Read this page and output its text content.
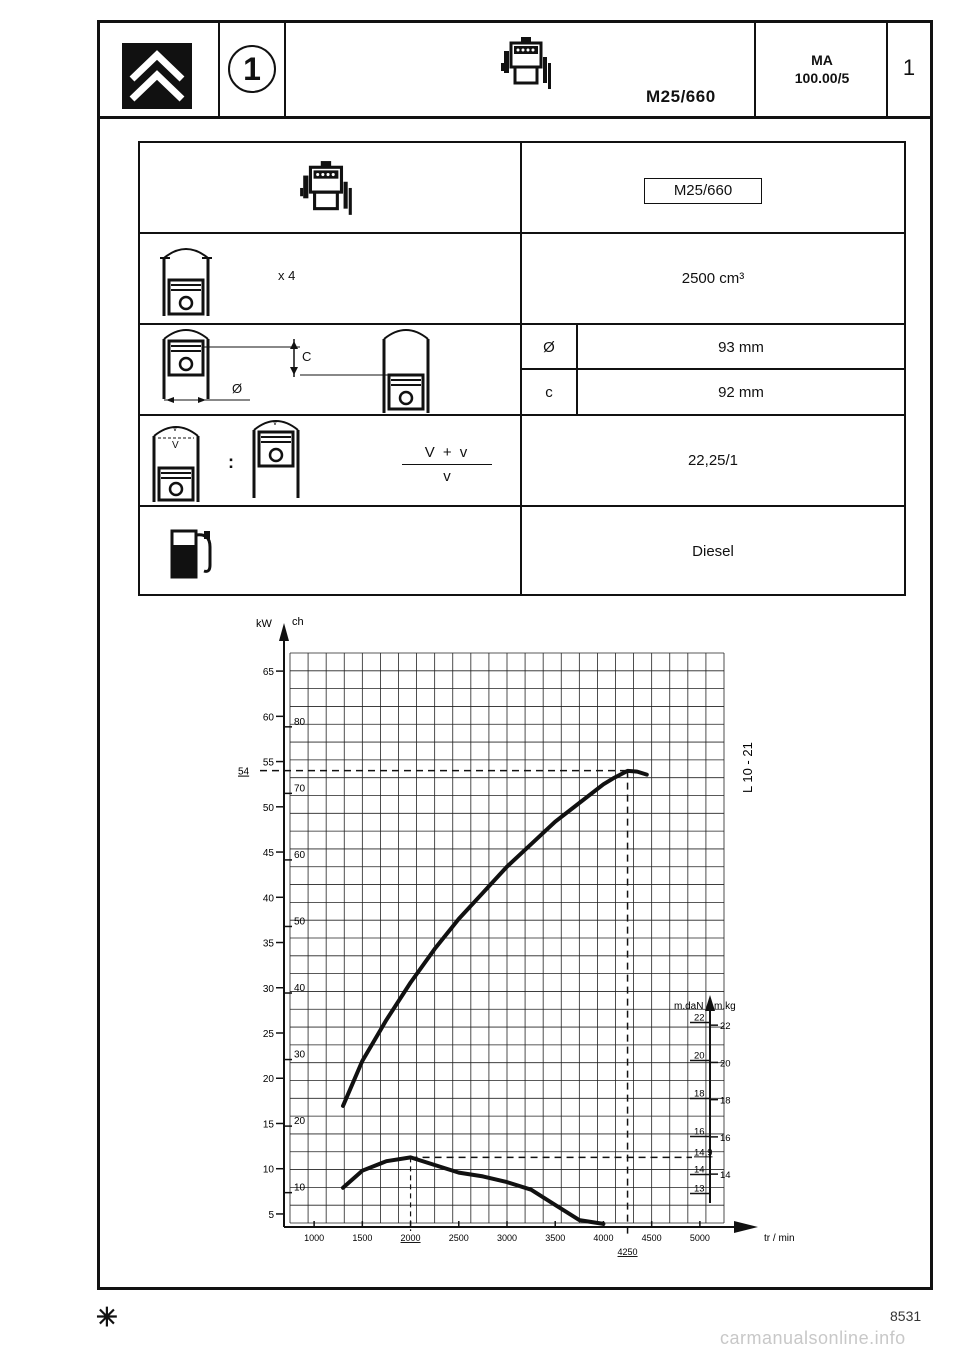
1
M25/660
MA
100.00/5	1
M25/660
x 4	2500 cm³
C
Ø
Ø	93 mm
c	92 mm
v
V
v
:	$\frac{V + v}{v}$	22,25/1
Diesel
kW ch
5
10
15
20
25
30
35
40
45
50
55
60
65
10
20
30
40
50
60
70
80
tr / min
1000	1500	2000	2500	3000	3500	4000	4500	5000
m.daN m.kg
13
14
16
18
20
22
14
16
18
20
22
L 10 - 21
54
4250
14,9
✳	8531
carmanualsonline.info
